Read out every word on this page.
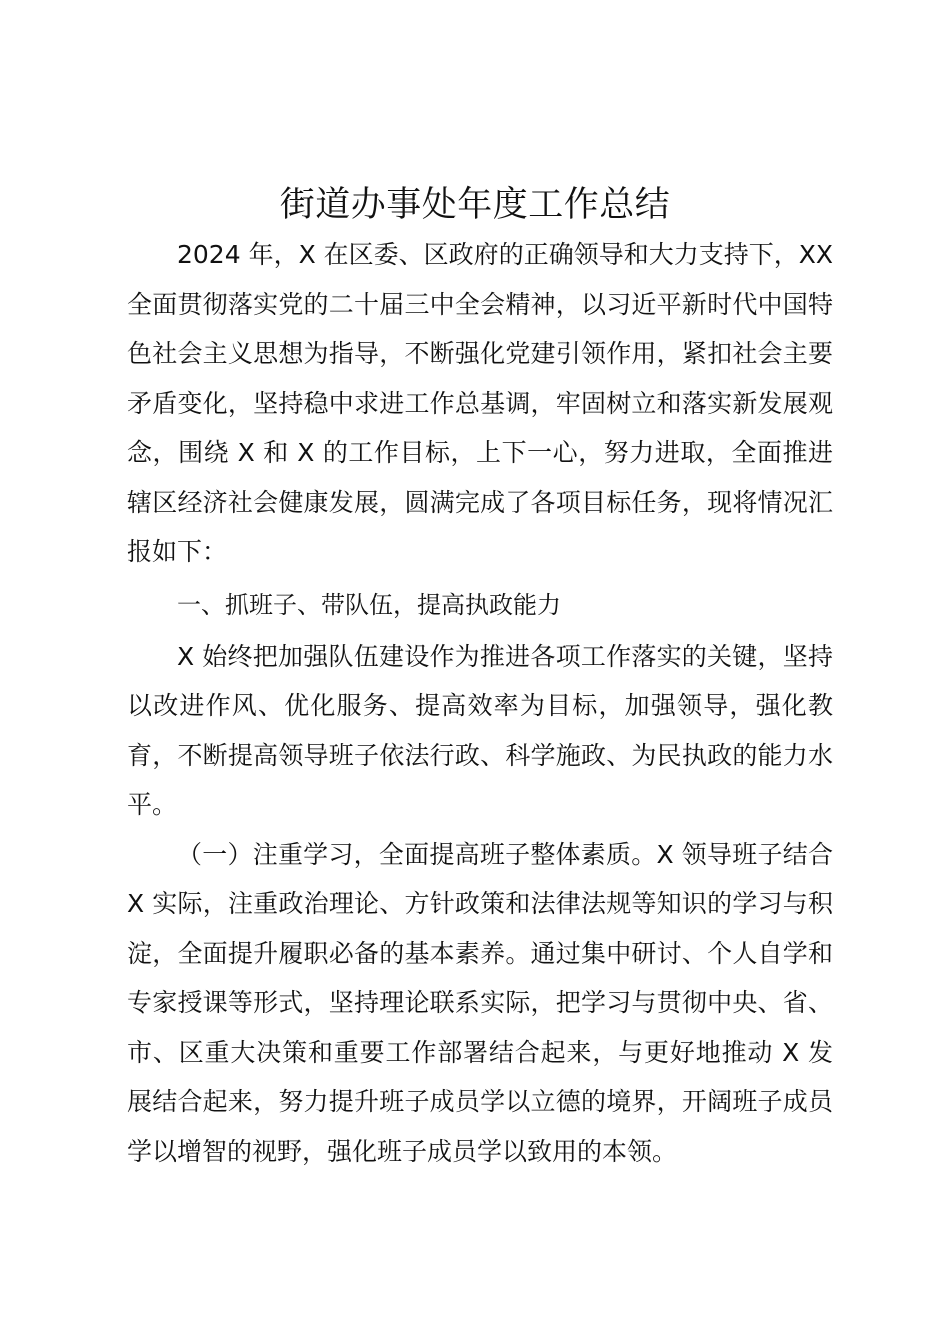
街道办事处年度工作总结

2024 年，X 在区委、区政府的正确领导和大力支持下，XX 全面贯彻落实党的二十届三中全会精神，以习近平新时代中国特色社会主义思想为指导，不断强化党建引领作用，紧扣社会主要矛盾变化，坚持稳中求进工作总基调，牢固树立和落实新发展观念，围绕 X 和 X 的工作目标，上下一心，努力进取，全面推进辖区经济社会健康发展，圆满完成了各项目标任务，现将情况汇报如下：

一、抓班子、带队伍，提高执政能力

X 始终把加强队伍建设作为推进各项工作落实的关键，坚持以改进作风、优化服务、提高效率为目标，加强领导，强化教育，不断提高领导班子依法行政、科学施政、为民执政的能力水平。

（一）注重学习，全面提高班子整体素质。X 领导班子结合 X 实际，注重政治理论、方针政策和法律法规等知识的学习与积淀，全面提升履职必备的基本素养。通过集中研讨、个人自学和专家授课等形式，坚持理论联系实际，把学习与贯彻中央、省、市、区重大决策和重要工作部署结合起来，与更好地推动 X 发展结合起来，努力提升班子成员学以立德的境界，开阔班子成员学以增智的视野，强化班子成员学以致用的本领。
